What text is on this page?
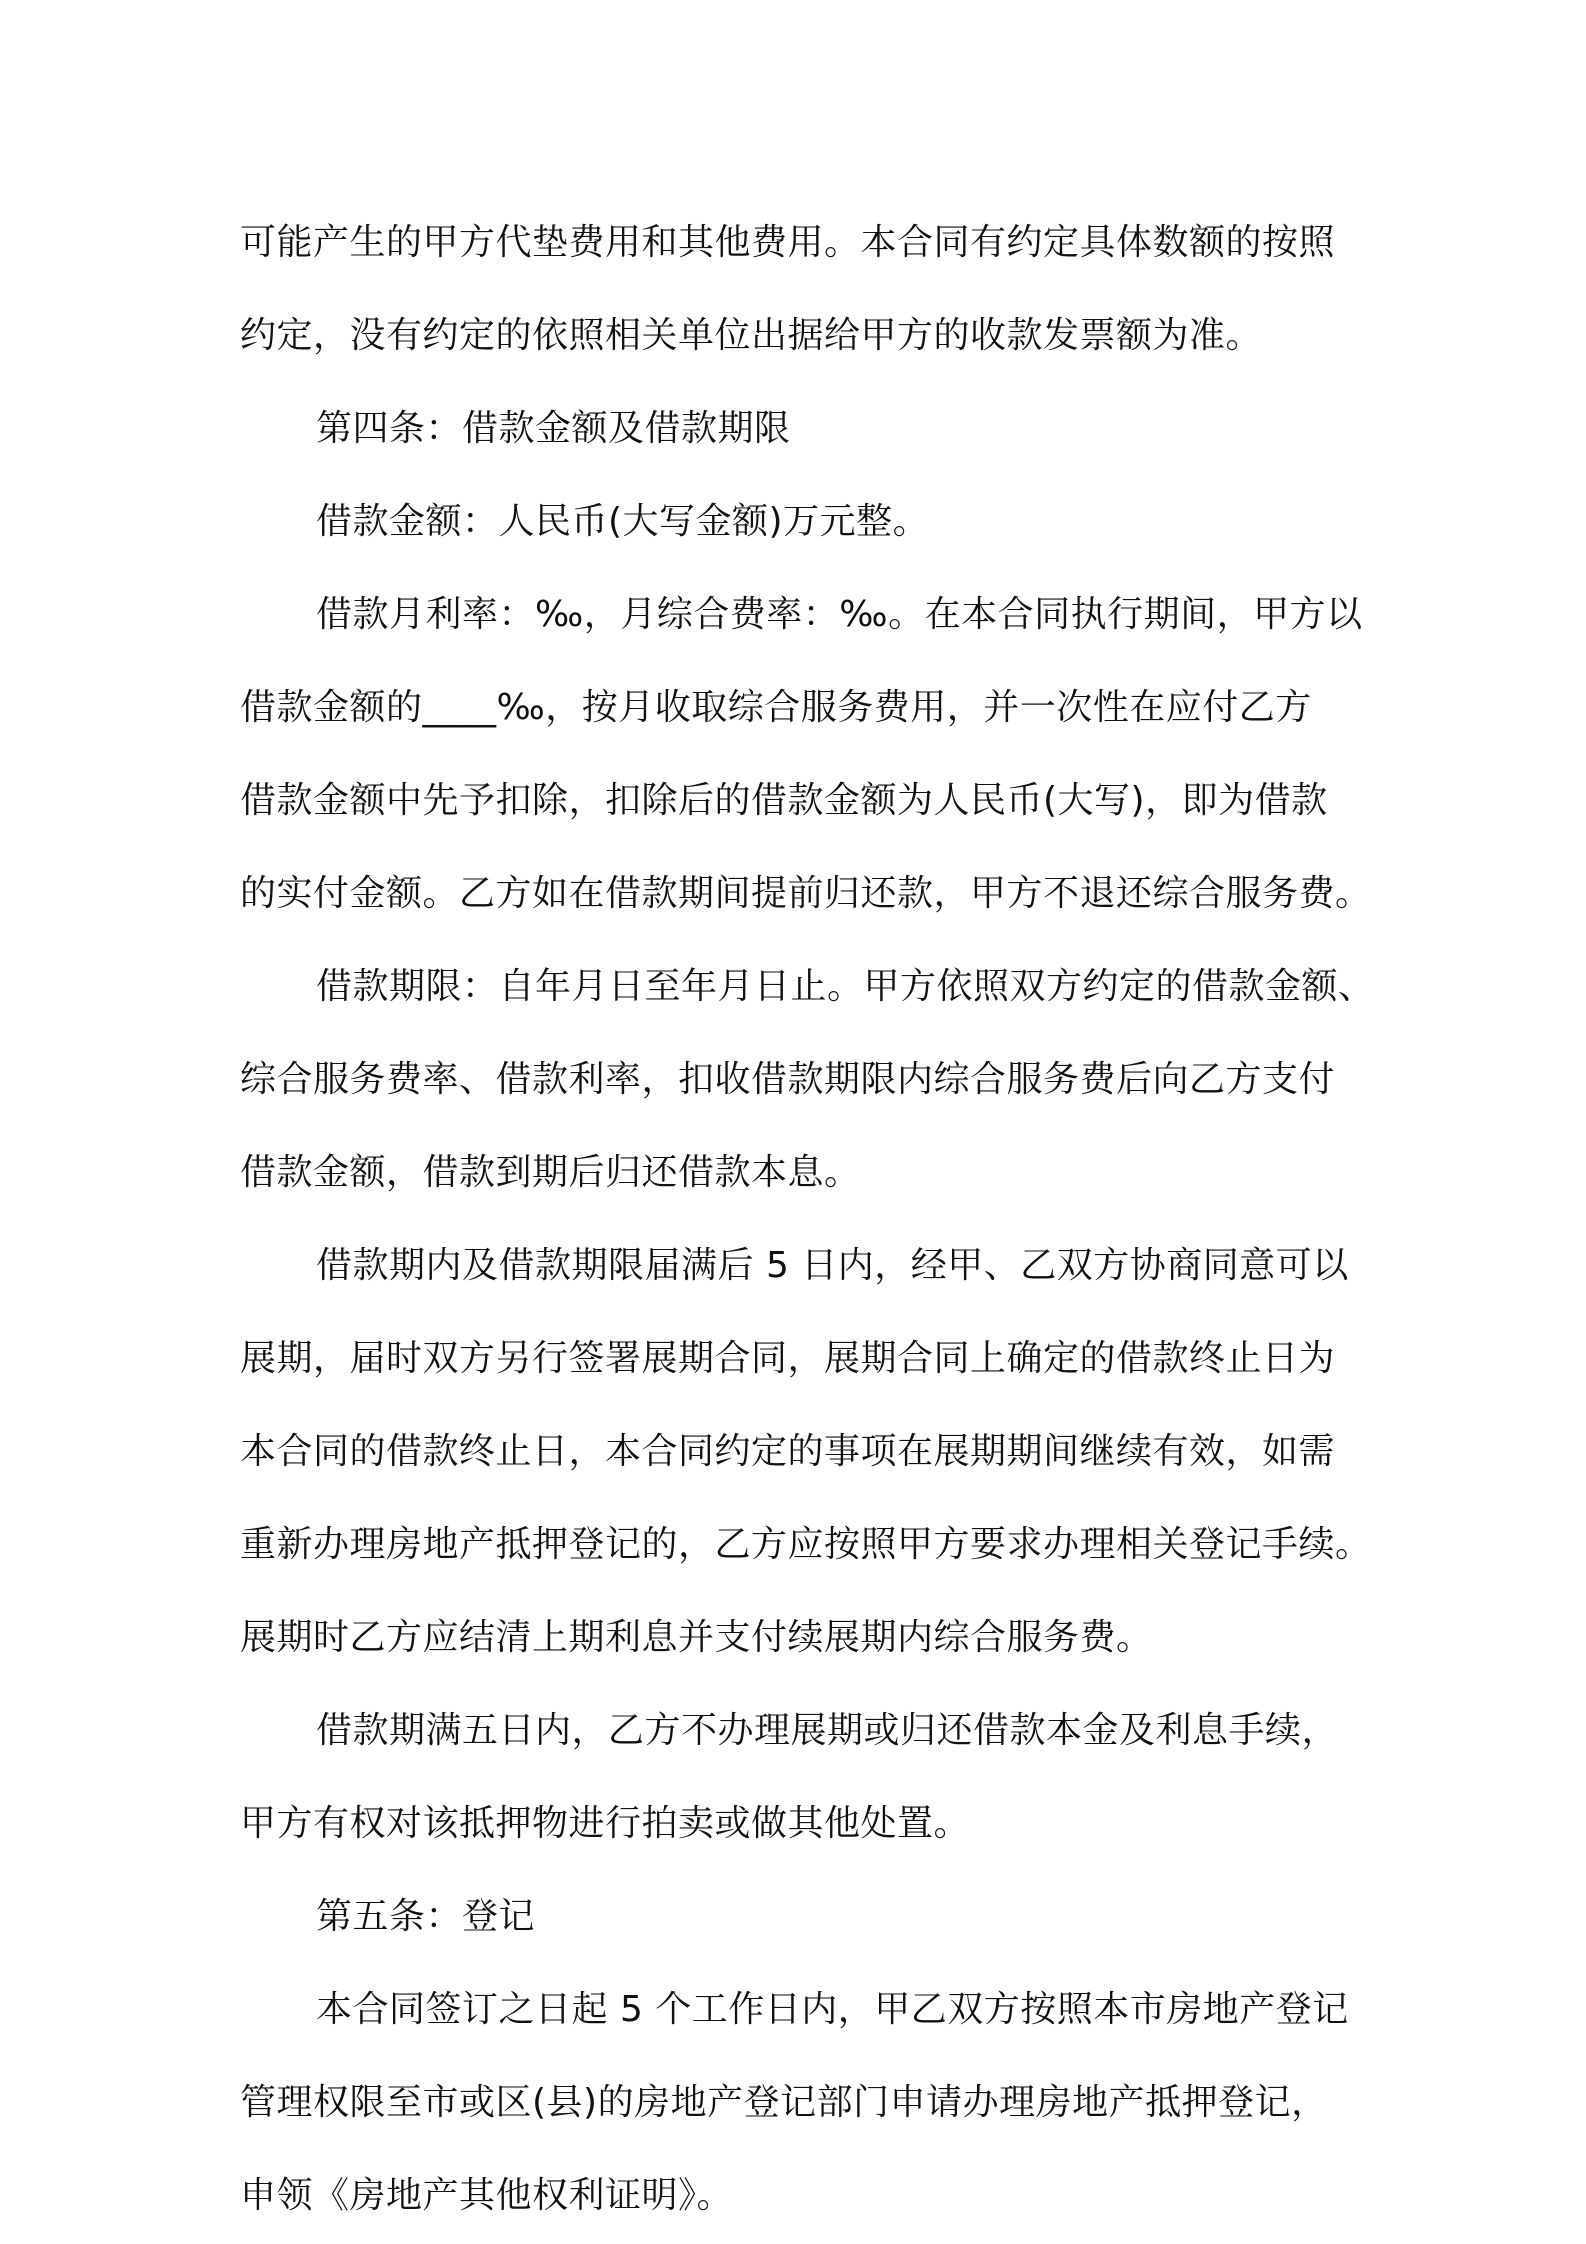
可能产生的甲方代垫费用和其他费用。本合同有约定具体数额的按照
约定，没有约定的依照相关单位出据给甲方的收款发票额为准。
第四条：借款金额及借款期限
借款金额：人民币(大写金额)万元整。
借款月利率：‰，月综合费率：‰。在本合同执行期间，甲方以
借款金额的____‰，按月收取综合服务费用，并一次性在应付乙方
借款金额中先予扣除，扣除后的借款金额为人民币(大写)，即为借款
的实付金额。乙方如在借款期间提前归还款，甲方不退还综合服务费。
借款期限：自年月日至年月日止。甲方依照双方约定的借款金额、
综合服务费率、借款利率，扣收借款期限内综合服务费后向乙方支付
借款金额，借款到期后归还借款本息。
借款期内及借款期限届满后 5 日内，经甲、乙双方协商同意可以
展期，届时双方另行签署展期合同，展期合同上确定的借款终止日为
本合同的借款终止日，本合同约定的事项在展期期间继续有效，如需
重新办理房地产抵押登记的，乙方应按照甲方要求办理相关登记手续。
展期时乙方应结清上期利息并支付续展期内综合服务费。
借款期满五日内，乙方不办理展期或归还借款本金及利息手续，
甲方有权对该抵押物进行拍卖或做其他处置。
第五条：登记
本合同签订之日起 5 个工作日内，甲乙双方按照本市房地产登记
管理权限至市或区(县)的房地产登记部门申请办理房地产抵押登记，
申领《房地产其他权利证明》。
